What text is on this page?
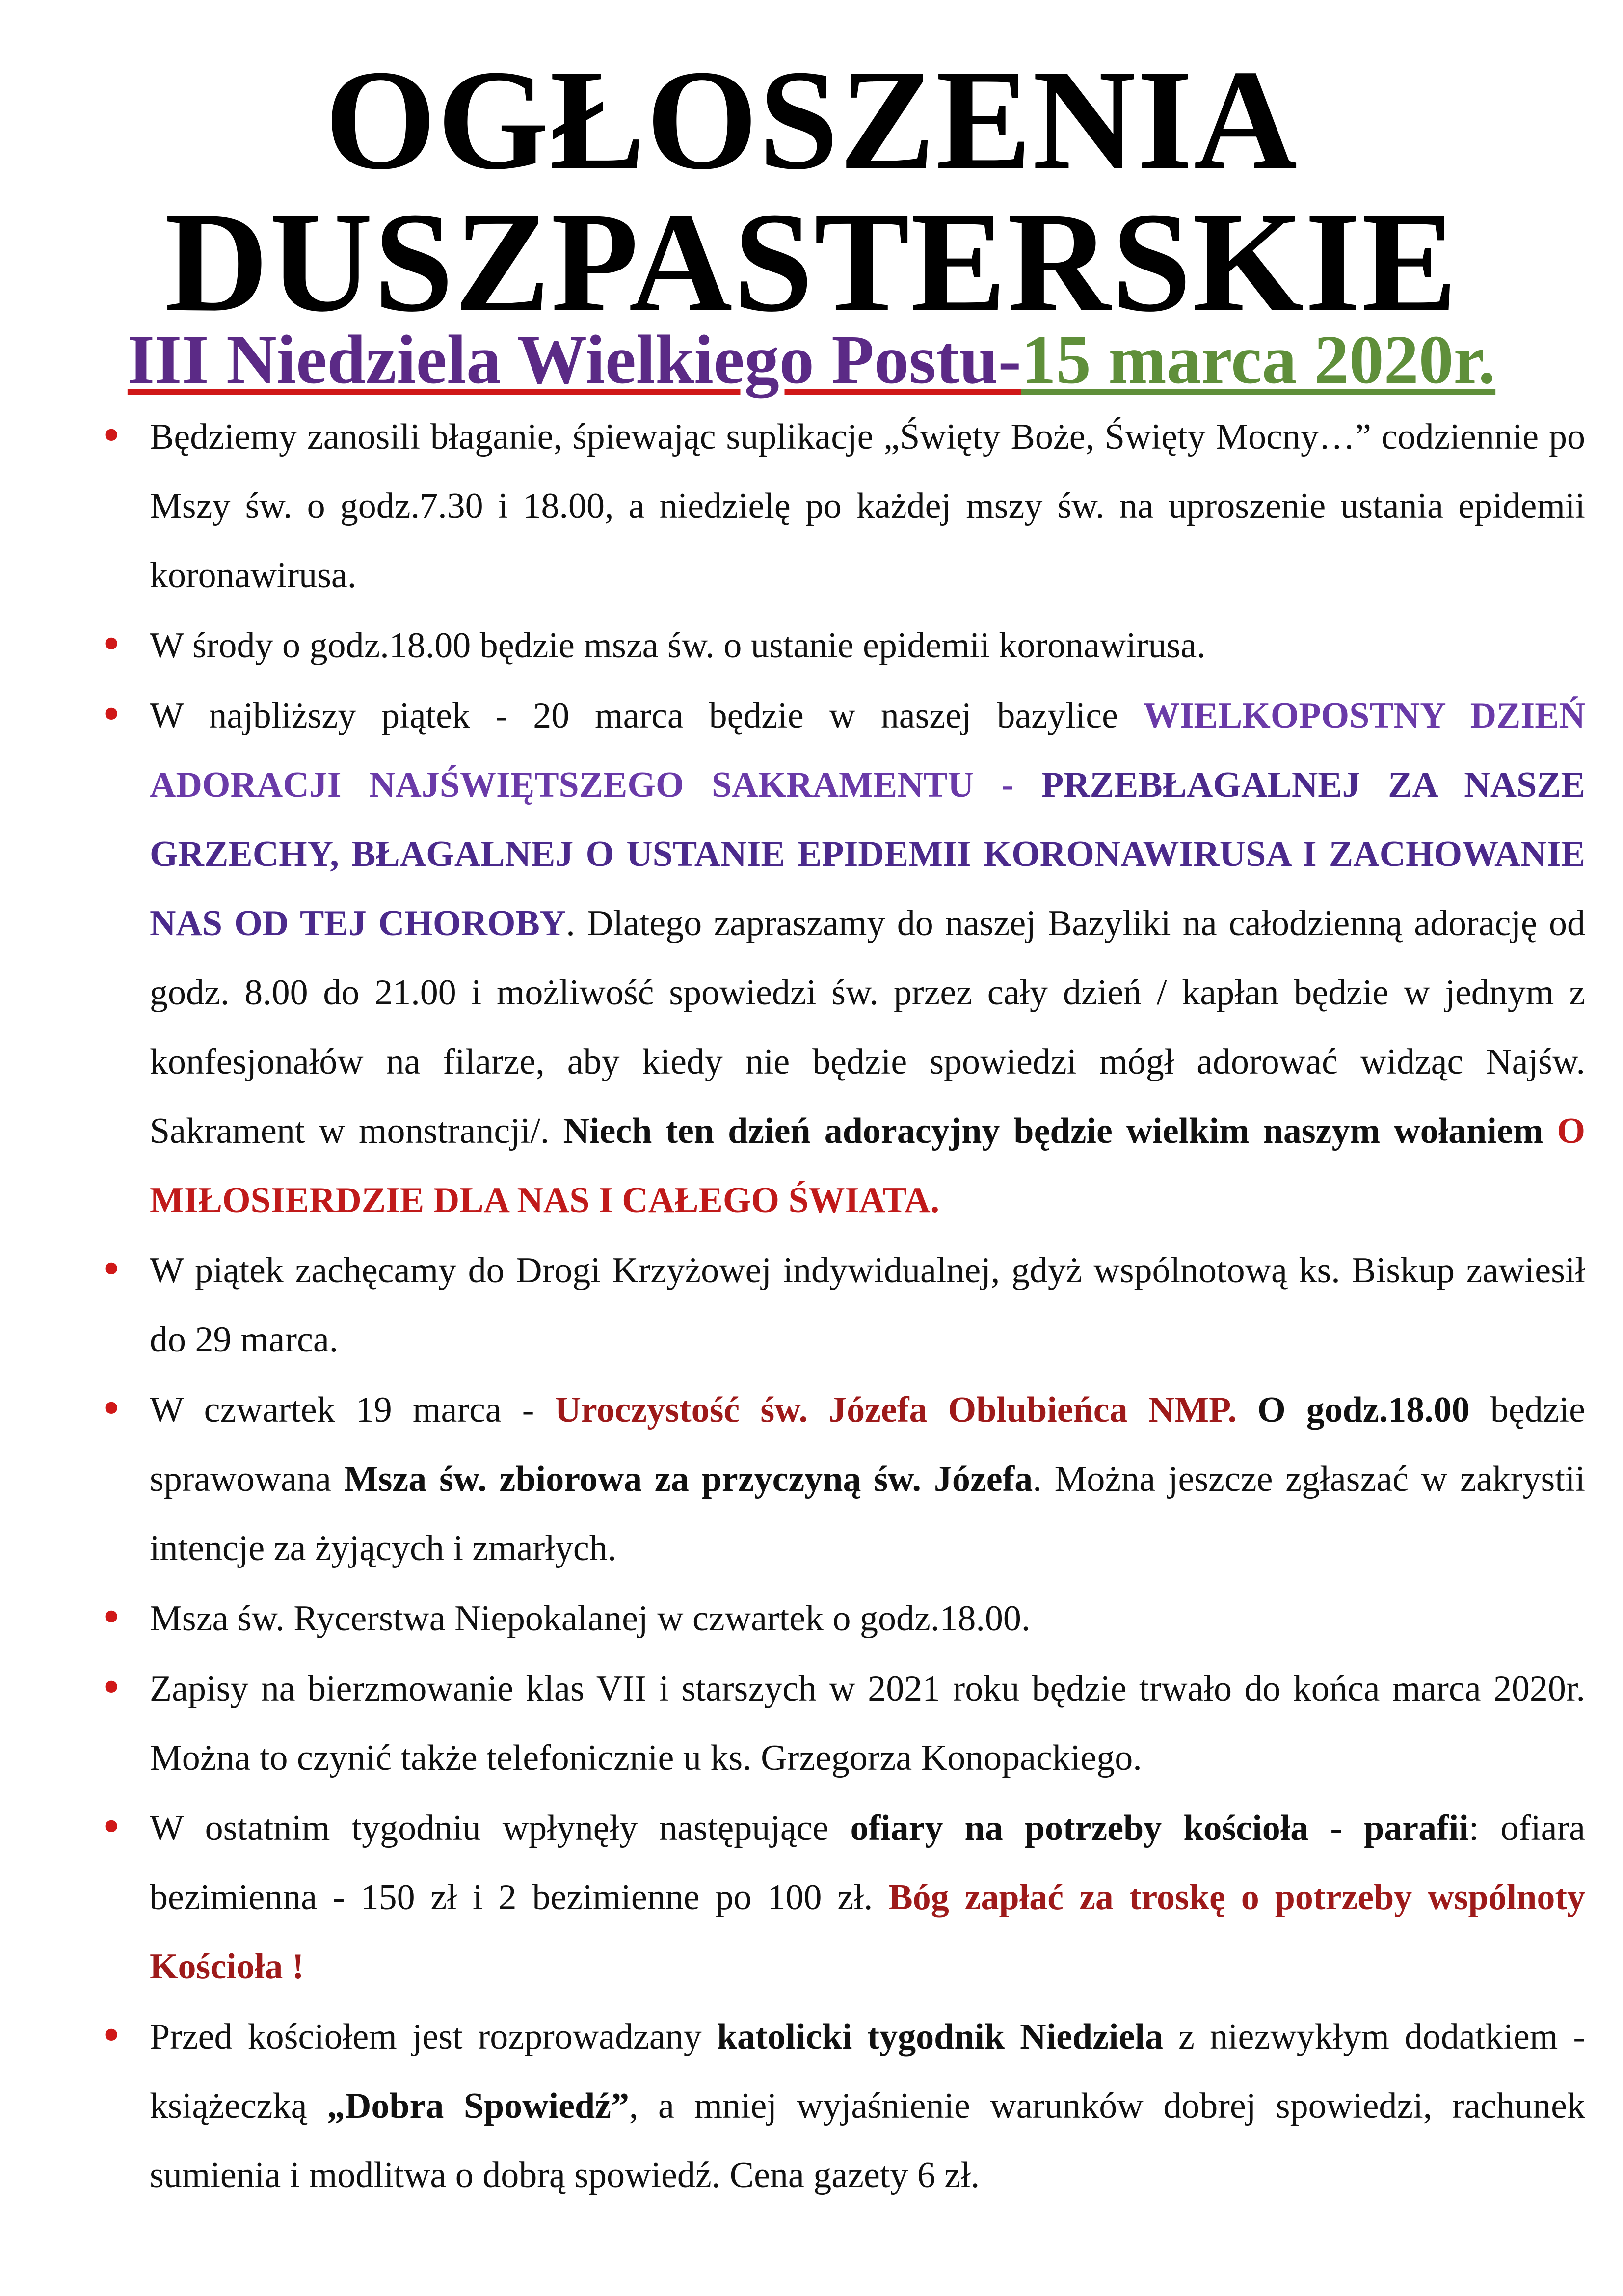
OGŁOSZENIA
DUSZPASTERSKIE
III Niedziela Wielkiego Postu-15 marca 2020r.
• Będziemy zanosili błaganie, śpiewając suplikacje „Święty Boże, Święty Mocny…” codziennie po Mszy św. o godz.7.30 i 18.00, a niedzielę po każdej mszy św. na uproszenie ustania epidemii koronawirusa.
• W środy o godz.18.00 będzie msza św. o ustanie epidemii koronawirusa.
• W najbliższy piątek - 20 marca będzie w naszej bazylice WIELKOPOSTNY DZIEŃ ADORACJI NAJŚWIĘTSZEGO SAKRAMENTU - PRZEBŁAGALNEJ ZA NASZE GRZECHY, BŁAGALNEJ O USTANIE EPIDEMII KORONAWIRUSA I ZACHOWANIE NAS OD TEJ CHOROBY. Dlatego zapraszamy do naszej Bazyliki na całodzienną adorację od godz. 8.00 do 21.00 i możliwość spowiedzi św. przez cały dzień / kapłan będzie w jednym z konfesjonałów na filarze, aby kiedy nie będzie spowiedzi mógł adorować widząc Najśw. Sakrament w monstrancji/. Niech ten dzień adoracyjny będzie wielkim naszym wołaniem O MIŁOSIERDZIE DLA NAS I CAŁEGO ŚWIATA.
• W piątek zachęcamy do Drogi Krzyżowej indywidualnej, gdyż wspólnotową ks. Biskup zawiesił do 29 marca.
• W czwartek 19 marca - Uroczystość św. Józefa Oblubieńca NMP. O godz.18.00 będzie sprawowana Msza św. zbiorowa za przyczyną św. Józefa. Można jeszcze zgłaszać w zakrystii intencje za żyjących i zmarłych.
• Msza św. Rycerstwa Niepokalanej w czwartek o godz.18.00.
• Zapisy na bierzmowanie klas VII i starszych w 2021 roku będzie trwało do końca marca 2020r. Można to czynić także telefonicznie u ks. Grzegorza Konopackiego.
• W ostatnim tygodniu wpłynęły następujące ofiary na potrzeby kościoła - parafii: ofiara bezimienna - 150 zł i 2 bezimienne po 100 zł. Bóg zapłać za troskę o potrzeby wspólnoty Kościoła !
• Przed kościołem jest rozprowadzany katolicki tygodnik Niedziela z niezwykłym dodatkiem - książeczką „Dobra Spowiedź”, a mniej wyjaśnienie warunków dobrej spowiedzi, rachunek sumienia i modlitwa o dobrą spowiedź. Cena gazety 6 zł.
